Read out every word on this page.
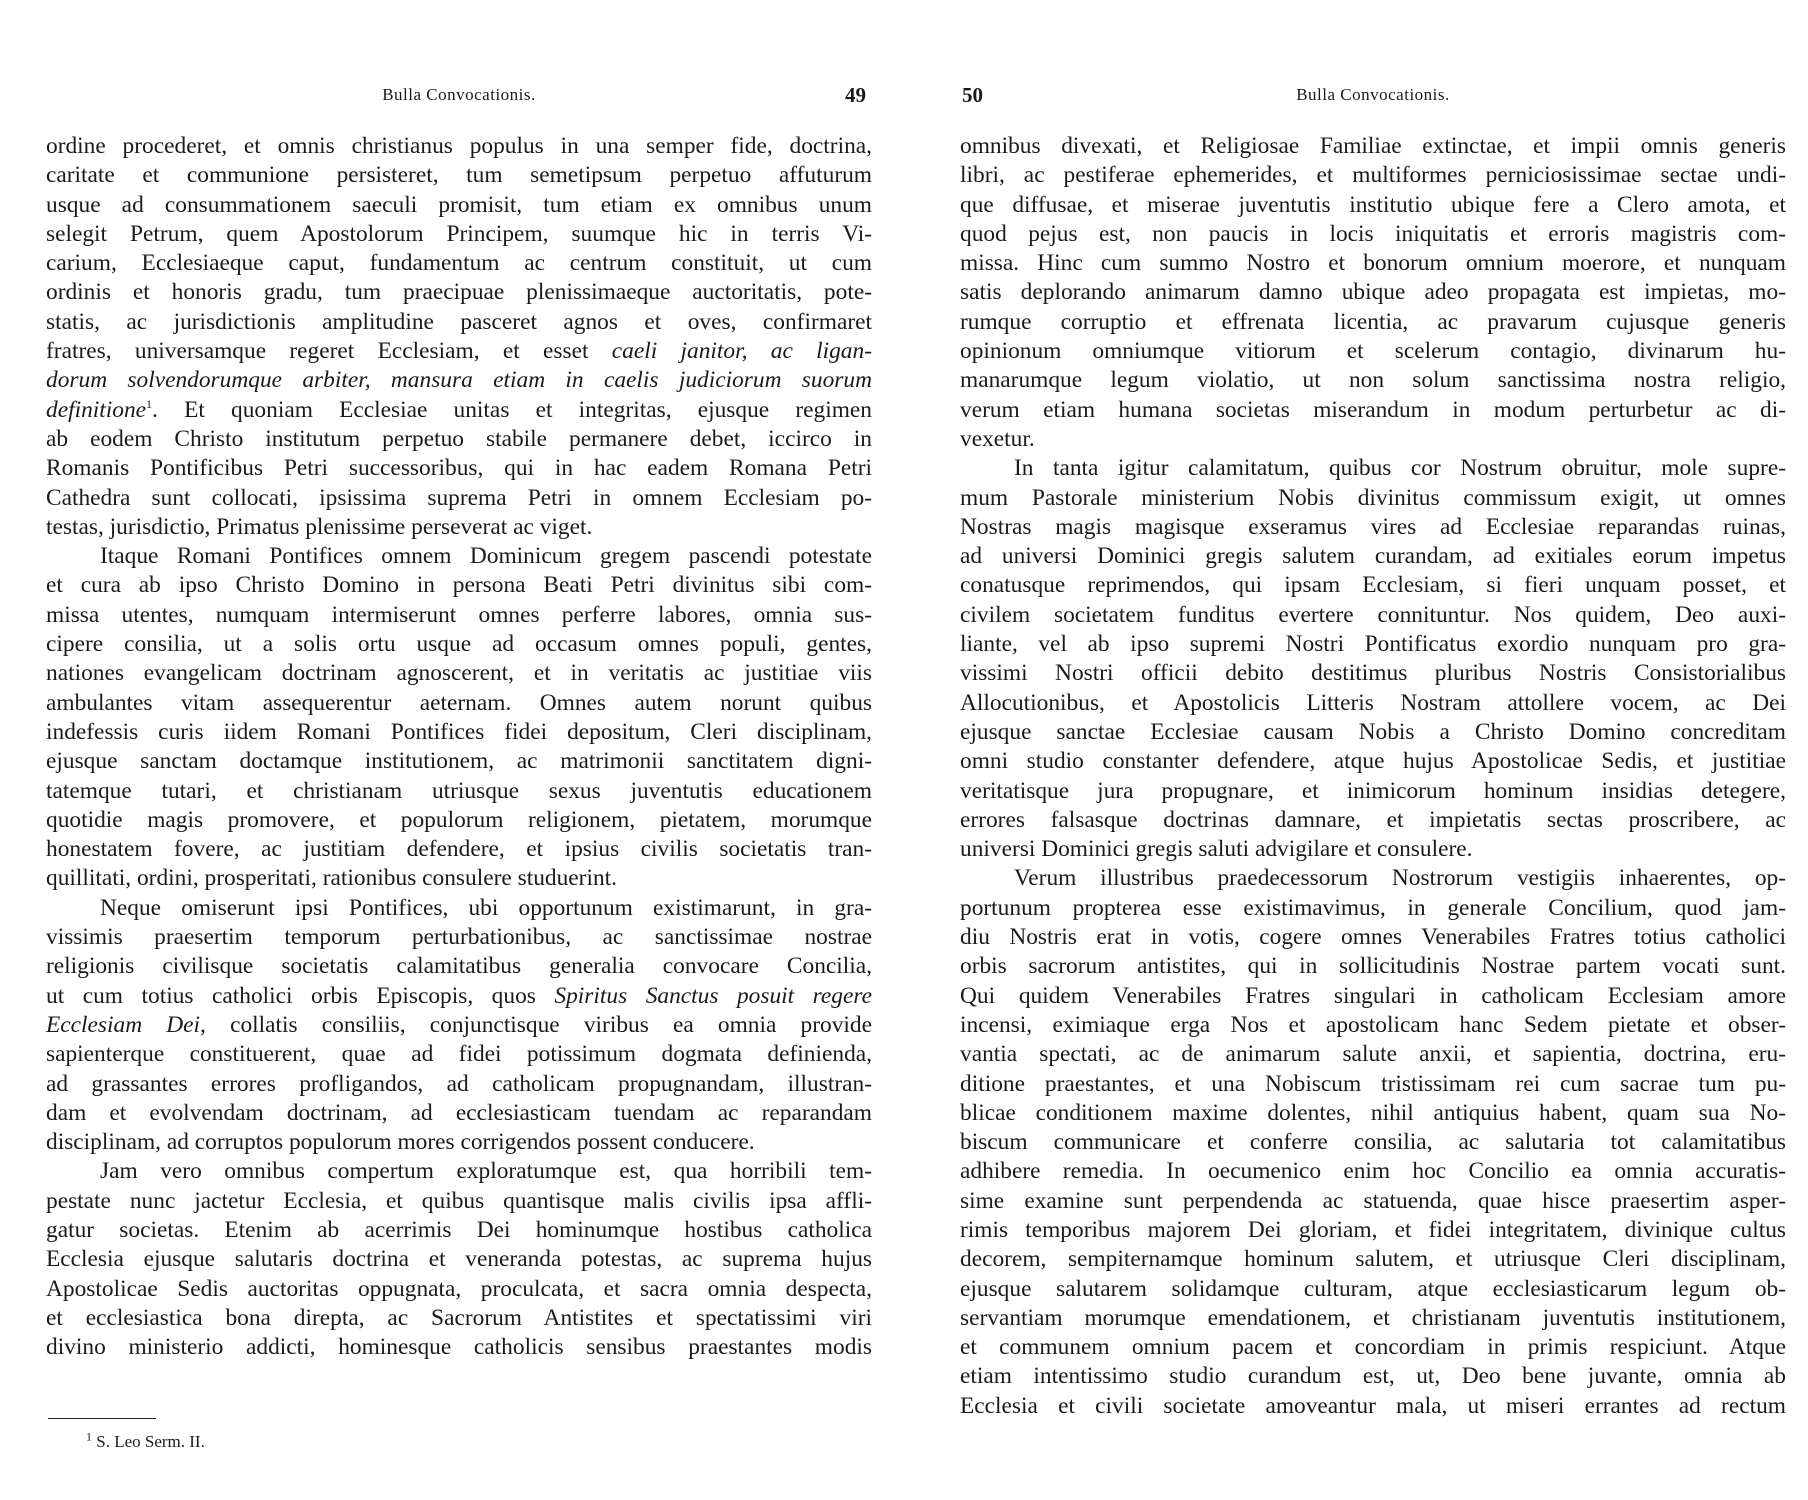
Bulla Convocationis.	49
ordine procederet, et omnis christianus populus in una semper fide, doctrina,
caritate et communione persisteret, tum semetipsum perpetuo affuturum
usque ad consummationem saeculi promisit, tum etiam ex omnibus unum
selegit Petrum, quem Apostolorum Principem, suumque hic in terris Vi-
carium, Ecclesiaeque caput, fundamentum ac centrum constituit, ut cum
ordinis et honoris gradu, tum praecipuae plenissimaeque auctoritatis, pote-
statis, ac jurisdictionis amplitudine pasceret agnos et oves, confirmaret
fratres, universamque regeret Ecclesiam, et esset caeli janitor, ac ligan-
dorum solvendorumque arbiter, mansura etiam in caelis judiciorum suorum
definitione$^1$. Et quoniam Ecclesiae unitas et integritas, ejusque regimen
ab eodem Christo institutum perpetuo stabile permanere debet, iccirco in
Romanis Pontificibus Petri successoribus, qui in hac eadem Romana Petri
Cathedra sunt collocati, ipsissima suprema Petri in omnem Ecclesiam po-
testas, jurisdictio, Primatus plenissime perseverat ac viget.
Itaque Romani Pontifices omnem Dominicum gregem pascendi potestate
et cura ab ipso Christo Domino in persona Beati Petri divinitus sibi com-
missa utentes, numquam intermiserunt omnes perferre labores, omnia sus-
cipere consilia, ut a solis ortu usque ad occasum omnes populi, gentes,
nationes evangelicam doctrinam agnoscerent, et in veritatis ac justitiae viis
ambulantes vitam assequerentur aeternam. Omnes autem norunt quibus
indefessis curis iidem Romani Pontifices fidei depositum, Cleri disciplinam,
ejusque sanctam doctamque institutionem, ac matrimonii sanctitatem digni-
tatemque tutari, et christianam utriusque sexus juventutis educationem
quotidie magis promovere, et populorum religionem, pietatem, morumque
honestatem fovere, ac justitiam defendere, et ipsius civilis societatis tran-
quillitati, ordini, prosperitati, rationibus consulere studuerint.
Neque omiserunt ipsi Pontifices, ubi opportunum existimarunt, in gra-
vissimis praesertim temporum perturbationibus, ac sanctissimae nostrae
religionis civilisque societatis calamitatibus generalia convocare Concilia,
ut cum totius catholici orbis Episcopis, quos Spiritus Sanctus posuit regere
Ecclesiam Dei, collatis consiliis, conjunctisque viribus ea omnia provide
sapienterque constituerent, quae ad fidei potissimum dogmata definienda,
ad grassantes errores profligandos, ad catholicam propugnandam, illustran-
dam et evolvendam doctrinam, ad ecclesiasticam tuendam ac reparandam
disciplinam, ad corruptos populorum mores corrigendos possent conducere.
Jam vero omnibus compertum exploratumque est, qua horribili tem-
pestate nunc jactetur Ecclesia, et quibus quantisque malis civilis ipsa affli-
gatur societas. Etenim ab acerrimis Dei hominumque hostibus catholica
Ecclesia ejusque salutaris doctrina et veneranda potestas, ac suprema hujus
Apostolicae Sedis auctoritas oppugnata, proculcata, et sacra omnia despecta,
et ecclesiastica bona direpta, ac Sacrorum Antistites et spectatissimi viri
divino ministerio addicti, hominesque catholicis sensibus praestantes modis
$^1$ S. Leo Serm. II.
50	Bulla Convocationis.
omnibus divexati, et Religiosae Familiae extinctae, et impii omnis generis
libri, ac pestiferae ephemerides, et multiformes perniciosissimae sectae undi-
que diffusae, et miserae juventutis institutio ubique fere a Clero amota, et
quod pejus est, non paucis in locis iniquitatis et erroris magistris com-
missa. Hinc cum summo Nostro et bonorum omnium moerore, et nunquam
satis deplorando animarum damno ubique adeo propagata est impietas, mo-
rumque corruptio et effrenata licentia, ac pravarum cujusque generis
opinionum omniumque vitiorum et scelerum contagio, divinarum hu-
manarumque legum violatio, ut non solum sanctissima nostra religio,
verum etiam humana societas miserandum in modum perturbetur ac di-
vexetur.
In tanta igitur calamitatum, quibus cor Nostrum obruitur, mole supre-
mum Pastorale ministerium Nobis divinitus commissum exigit, ut omnes
Nostras magis magisque exseramus vires ad Ecclesiae reparandas ruinas,
ad universi Dominici gregis salutem curandam, ad exitiales eorum impetus
conatusque reprimendos, qui ipsam Ecclesiam, si fieri unquam posset, et
civilem societatem funditus evertere connituntur. Nos quidem, Deo auxi-
liante, vel ab ipso supremi Nostri Pontificatus exordio nunquam pro gra-
vissimi Nostri officii debito destitimus pluribus Nostris Consistorialibus
Allocutionibus, et Apostolicis Litteris Nostram attollere vocem, ac Dei
ejusque sanctae Ecclesiae causam Nobis a Christo Domino concreditam
omni studio constanter defendere, atque hujus Apostolicae Sedis, et justitiae
veritatisque jura propugnare, et inimicorum hominum insidias detegere,
errores falsasque doctrinas damnare, et impietatis sectas proscribere, ac
universi Dominici gregis saluti advigilare et consulere.
Verum illustribus praedecessorum Nostrorum vestigiis inhaerentes, op-
portunum propterea esse existimavimus, in generale Concilium, quod jam-
diu Nostris erat in votis, cogere omnes Venerabiles Fratres totius catholici
orbis sacrorum antistites, qui in sollicitudinis Nostrae partem vocati sunt.
Qui quidem Venerabiles Fratres singulari in catholicam Ecclesiam amore
incensi, eximiaque erga Nos et apostolicam hanc Sedem pietate et obser-
vantia spectati, ac de animarum salute anxii, et sapientia, doctrina, eru-
ditione praestantes, et una Nobiscum tristissimam rei cum sacrae tum pu-
blicae conditionem maxime dolentes, nihil antiquius habent, quam sua No-
biscum communicare et conferre consilia, ac salutaria tot calamitatibus
adhibere remedia. In oecumenico enim hoc Concilio ea omnia accuratis-
sime examine sunt perpendenda ac statuenda, quae hisce praesertim asper-
rimis temporibus majorem Dei gloriam, et fidei integritatem, divinique cultus
decorem, sempiternamque hominum salutem, et utriusque Cleri disciplinam,
ejusque salutarem solidamque culturam, atque ecclesiasticarum legum ob-
servantiam morumque emendationem, et christianam juventutis institutionem,
et communem omnium pacem et concordiam in primis respiciunt. Atque
etiam intentissimo studio curandum est, ut, Deo bene juvante, omnia ab
Ecclesia et civili societate amoveantur mala, ut miseri errantes ad rectum
